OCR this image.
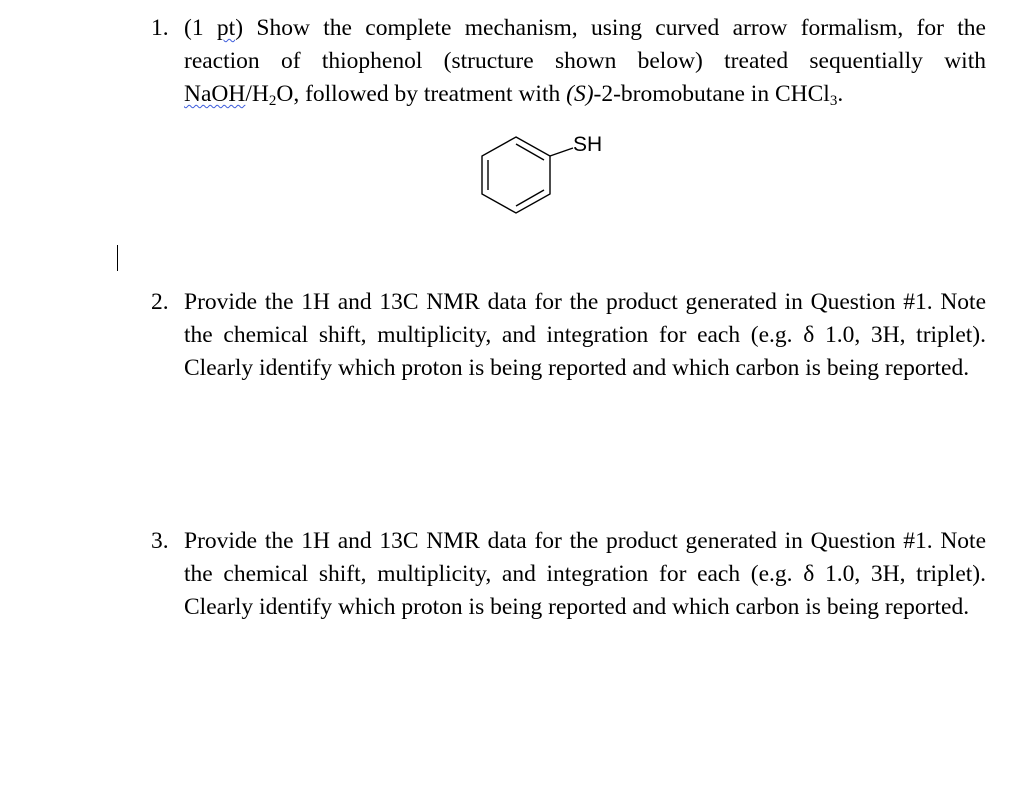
1. (1 pt) Show the complete mechanism, using curved arrow formalism, for the
reaction of thiophenol (structure shown below) treated sequentially with
NaOH/$H_2O$, followed by treatment with (S)-2-bromobutane in CHCl$_3$.
SH
2. Provide the 1H and 13C NMR data for the product generated in Question #1. Note the chemical shift, multiplicity, and integration for each (e.g. δ 1.0, 3H, triplet). Clearly identify which proton is being reported and which carbon is being reported.
3. Provide the 1H and 13C NMR data for the product generated in Question #1. Note the chemical shift, multiplicity, and integration for each (e.g. δ 1.0, 3H, triplet). Clearly identify which proton is being reported and which carbon is being reported.
